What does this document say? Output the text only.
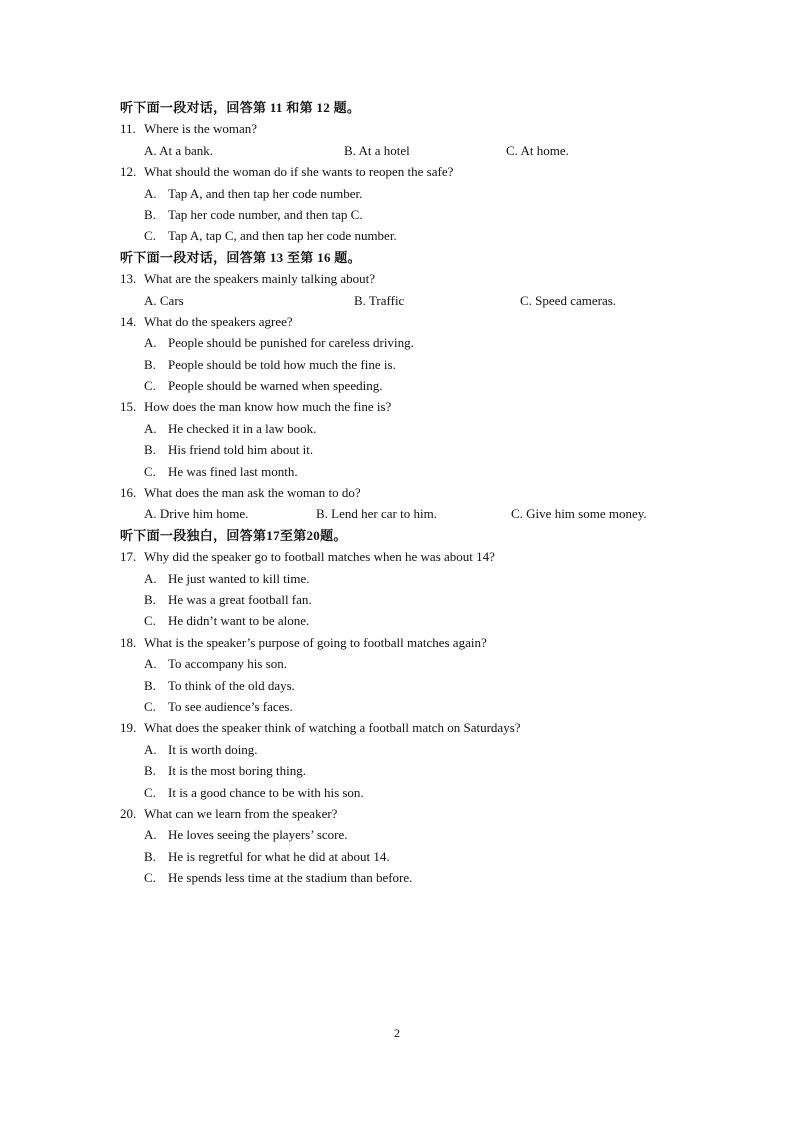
听下面一段对话，回答第 11 和第 12 题。
11. Where is the woman?
A. At a bank.	B. At a hotel	C. At home.
12. What should the woman do if she wants to reopen the safe?
A. Tap A, and then tap her code number.
B. Tap her code number, and then tap C.
C. Tap A, tap C, and then tap her code number.
听下面一段对话，回答第 13 至第 16 题。
13. What are the speakers mainly talking about?
A. Cars	B. Traffic	C. Speed cameras.
14. What do the speakers agree?
A. People should be punished for careless driving.
B. People should be told how much the fine is.
C. People should be warned when speeding.
15. How does the man know how much the fine is?
A. He checked it in a law book.
B. His friend told him about it.
C. He was fined last month.
16. What does the man ask the woman to do?
A. Drive him home.	B. Lend her car to him.	C. Give him some money.
听下面一段独白，回答第17至第20题。
17. Why did the speaker go to football matches when he was about 14?
A. He just wanted to kill time.
B. He was a great football fan.
C. He didn’t want to be alone.
18. What is the speaker’s purpose of going to football matches again?
A. To accompany his son.
B. To think of the old days.
C. To see audience’s faces.
19. What does the speaker think of watching a football match on Saturdays?
A. It is worth doing.
B. It is the most boring thing.
C. It is a good chance to be with his son.
20. What can we learn from the speaker?
A. He loves seeing the players’ score.
B. He is regretful for what he did at about 14.
C. He spends less time at the stadium than before.
2
